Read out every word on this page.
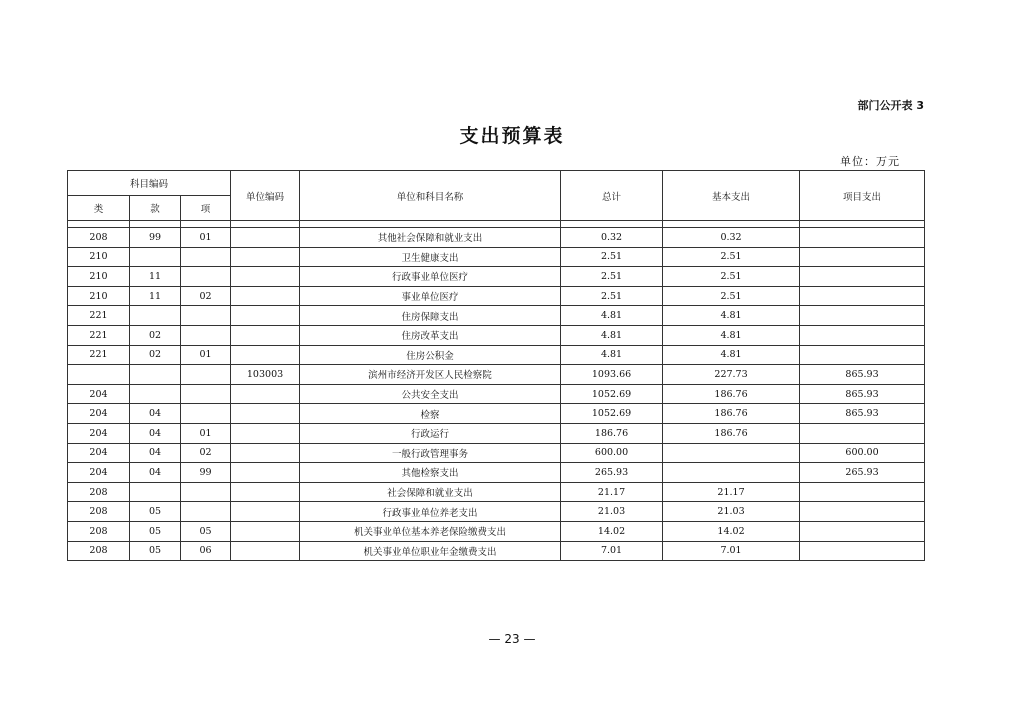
部门公开表 3
支出预算表
单位：万元
科目编码			单位编码	单位和科目名称	总计	基本支出	项目支出
类	款	项					

208	99	01		其他社会保障和就业支出	0.32	0.32	
210				卫生健康支出	2.51	2.51	
210	11			行政事业单位医疗	2.51	2.51	
210	11	02		事业单位医疗	2.51	2.51	
221				住房保障支出	4.81	4.81	
221	02			住房改革支出	4.81	4.81	
221	02	01		住房公积金	4.81	4.81	
			103003	滨州市经济开发区人民检察院	1093.66	227.73	865.93
204				公共安全支出	1052.69	186.76	865.93
204	04			检察	1052.69	186.76	865.93
204	04	01		行政运行	186.76	186.76	
204	04	02		一般行政管理事务	600.00		600.00
204	04	99		其他检察支出	265.93		265.93
208				社会保障和就业支出	21.17	21.17	
208	05			行政事业单位养老支出	21.03	21.03	
208	05	05		机关事业单位基本养老保险缴费支出	14.02	14.02	
208	05	06		机关事业单位职业年金缴费支出	7.01	7.01	
— 23 —
